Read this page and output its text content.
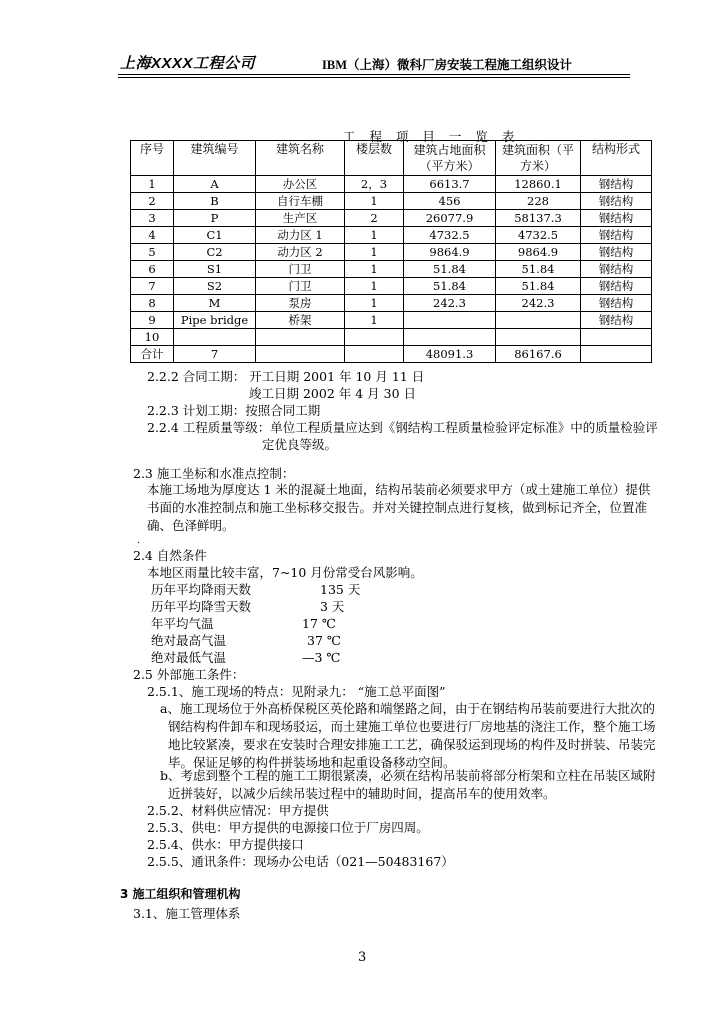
上海XXXX工程公司	IBM（上海）微科厂房安装工程施工组织设计
工 程 项 目 一 览 表
序号	建筑编号	建筑名称	楼层数	建筑占地面积（平方米）	建筑面积（平方米）	结构形式
1	A	办公区	2，3	6613.7	12860.1	钢结构
2	B	自行车棚	1	456	228	钢结构
3	P	生产区	2	26077.9	58137.3	钢结构
4	C1	动力区 1	1	4732.5	4732.5	钢结构
5	C2	动力区 2	1	9864.9	9864.9	钢结构
6	S1	门卫	1	51.84	51.84	钢结构
7	S2	门卫	1	51.84	51.84	钢结构
8	M	泵房	1	242.3	242.3	钢结构
9	Pipe bridge	桥架	1			钢结构
10						
合计	7			48091.3	86167.6	
2.2.2 合同工期： 开工日期 2001 年 10 月 11 日
竣工日期 2002 年 4 月 30 日
2.2.3 计划工期：按照合同工期
2.2.4 工程质量等级：单位工程质量应达到《钢结构工程质量检验评定标准》中的质量检验评
定优良等级。
2.3 施工坐标和水准点控制：
本施工场地为厚度达 1 米的混凝土地面，结构吊装前必须要求甲方（或土建施工单位）提供书面的水准控制点和施工坐标移交报告。并对关键控制点进行复核，做到标记齐全，位置准确、色泽鲜明。
.
2.4 自然条件
本地区雨量比较丰富，7~10 月份常受台风影响。
历年平均降雨天数	135 天
历年平均降雪天数	3 天
年平均气温	17 ℃
绝对最高气温	37 ℃
绝对最低气温	—3 ℃
2.5 外部施工条件：
2.5.1、施工现场的特点：见附录九： “施工总平面图”
a、施工现场位于外高桥保税区英伦路和端堡路之间，由于在钢结构吊装前要进行大批次的钢结构构件卸车和现场驳运，而土建施工单位也要进行厂房地基的浇注工作，整个施工场地比较紧凑，要求在安装时合理安排施工工艺，确保驳运到现场的构件及时拼装、吊装完毕。保证足够的构件拼装场地和起重设备移动空间。
b、考虑到整个工程的施工工期很紧凑，必须在结构吊装前将部分桁架和立柱在吊装区域附近拼装好，以减少后续吊装过程中的辅助时间，提高吊车的使用效率。
2.5.2、材料供应情况：甲方提供
2.5.3、供电：甲方提供的电源接口位于厂房四周。
2.5.4、供水：甲方提供接口
2.5.5、通讯条件：现场办公电话（021—50483167）
3 施工组织和管理机构
3.1、施工管理体系
3
